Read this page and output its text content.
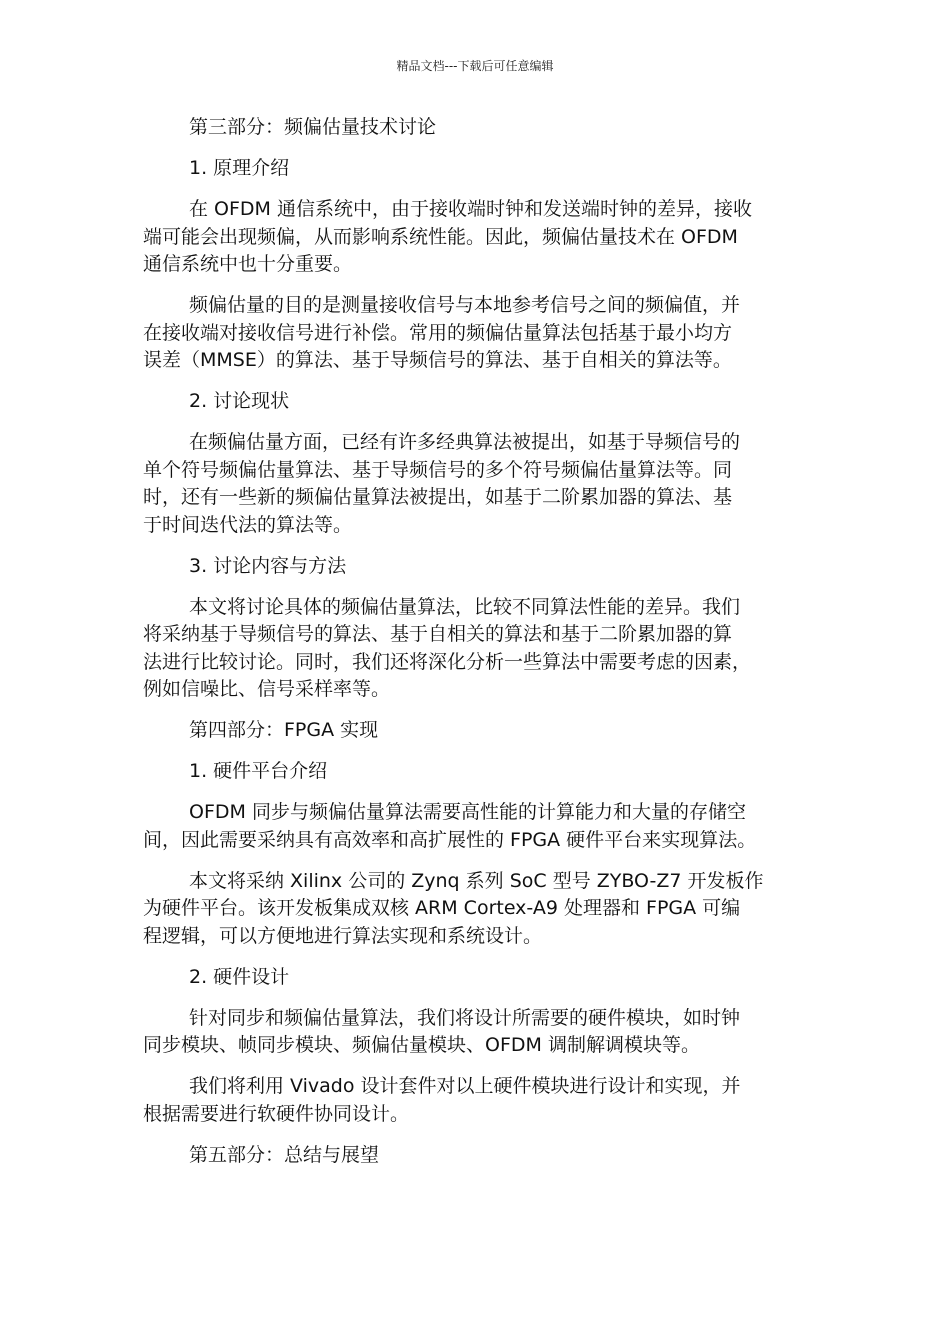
精品文档---下载后可任意编辑
第三部分：频偏估量技术讨论
1. 原理介绍
在 OFDM 通信系统中，由于接收端时钟和发送端时钟的差异，接收
端可能会出现频偏，从而影响系统性能。因此，频偏估量技术在 OFDM
通信系统中也十分重要。
频偏估量的目的是测量接收信号与本地参考信号之间的频偏值，并
在接收端对接收信号进行补偿。常用的频偏估量算法包括基于最小均方
误差（MMSE）的算法、基于导频信号的算法、基于自相关的算法等。
2. 讨论现状
在频偏估量方面，已经有许多经典算法被提出，如基于导频信号的
单个符号频偏估量算法、基于导频信号的多个符号频偏估量算法等。同
时，还有一些新的频偏估量算法被提出，如基于二阶累加器的算法、基
于时间迭代法的算法等。
3. 讨论内容与方法
本文将讨论具体的频偏估量算法，比较不同算法性能的差异。我们
将采纳基于导频信号的算法、基于自相关的算法和基于二阶累加器的算
法进行比较讨论。同时，我们还将深化分析一些算法中需要考虑的因素，
例如信噪比、信号采样率等。
第四部分：FPGA 实现
1. 硬件平台介绍
OFDM 同步与频偏估量算法需要高性能的计算能力和大量的存储空
间，因此需要采纳具有高效率和高扩展性的 FPGA 硬件平台来实现算法。
本文将采纳 Xilinx 公司的 Zynq 系列 SoC 型号 ZYBO-Z7 开发板作
为硬件平台。该开发板集成双核 ARM Cortex-A9 处理器和 FPGA 可编
程逻辑，可以方便地进行算法实现和系统设计。
2. 硬件设计
针对同步和频偏估量算法，我们将设计所需要的硬件模块，如时钟
同步模块、帧同步模块、频偏估量模块、OFDM 调制解调模块等。
我们将利用 Vivado 设计套件对以上硬件模块进行设计和实现，并
根据需要进行软硬件协同设计。
第五部分：总结与展望
